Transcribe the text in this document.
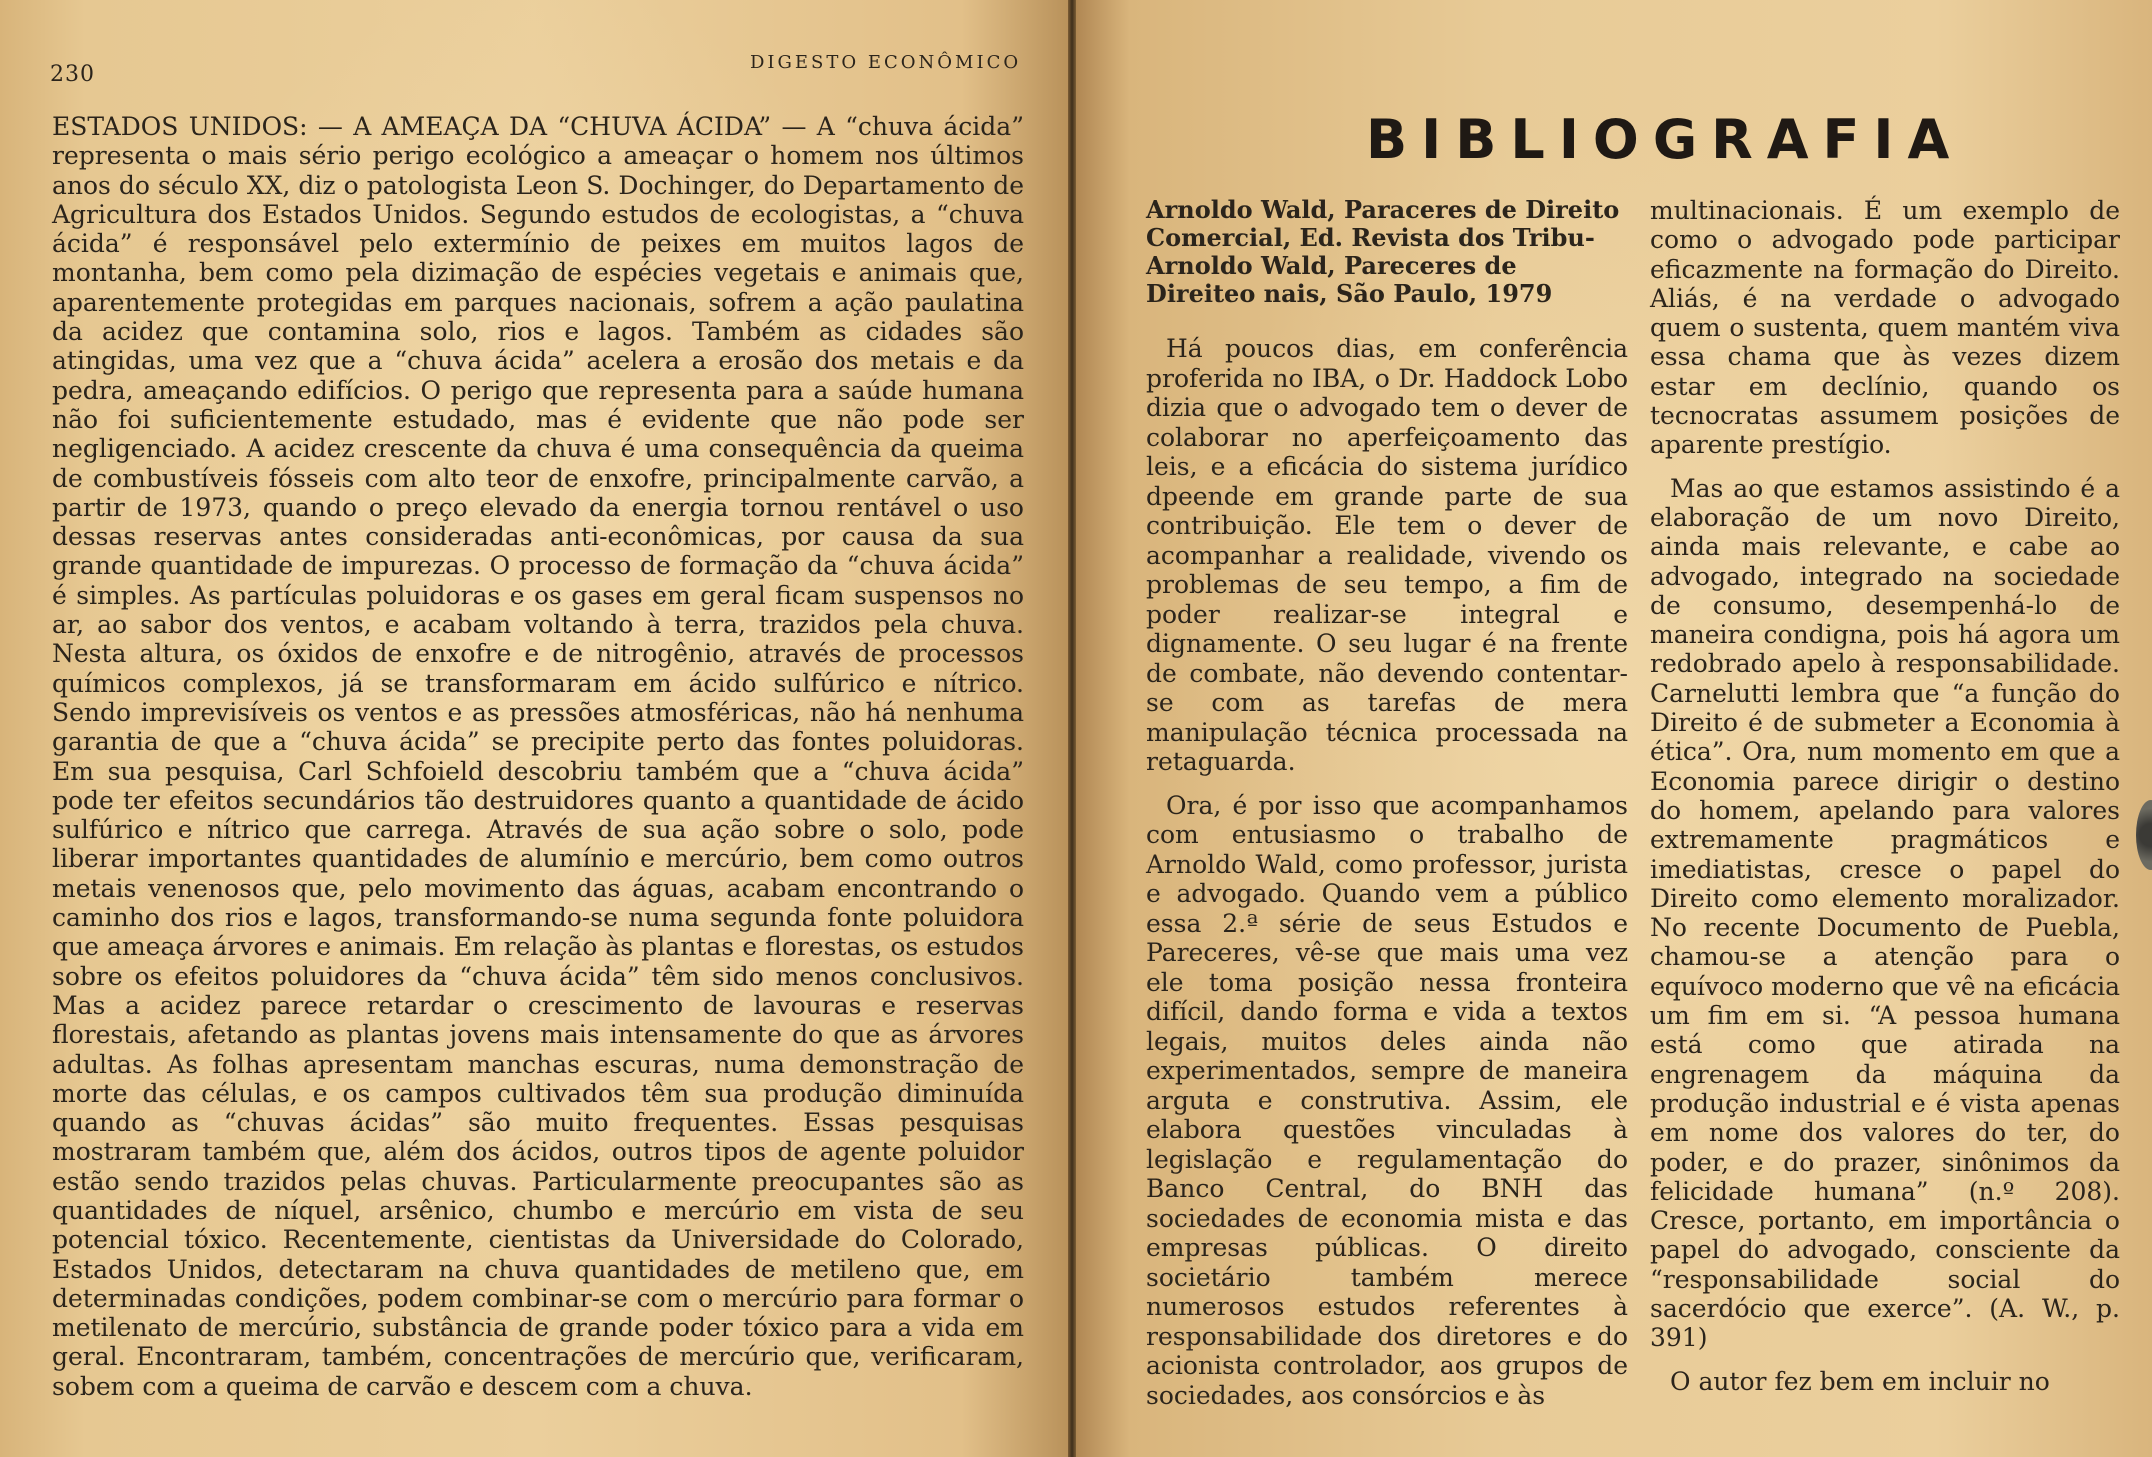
230	DIGESTO ECONÔMICO

ESTADOS UNIDOS: — A AMEAÇA DA “CHUVA ÁCIDA” — A “chuva ácida” representa o mais sério perigo ecológico a ameaçar o homem nos últimos anos do século XX, diz o patologista Leon S. Dochinger, do Departamento de Agricultura dos Estados Unidos. Segundo estudos de ecologistas, a “chuva ácida” é responsável pelo extermínio de peixes em muitos lagos de montanha, bem como pela dizimação de espécies vegetais e animais que, aparentemente protegidas em parques nacionais, sofrem a ação paulatina da acidez que contamina solo, rios e lagos. Também as cidades são atingidas, uma vez que a “chuva ácida” acelera a erosão dos metais e da pedra, ameaçando edifícios. O perigo que representa para a saúde humana não foi suficientemente estudado, mas é evidente que não pode ser negligenciado. A acidez crescente da chuva é uma consequência da queima de combustíveis fósseis com alto teor de enxofre, principalmente carvão, a partir de 1973, quando o preço elevado da energia tornou rentável o uso dessas reservas antes consideradas anti-econômicas, por causa da sua grande quantidade de impurezas. O processo de formação da “chuva ácida” é simples. As partículas poluidoras e os gases em geral ficam suspensos no ar, ao sabor dos ventos, e acabam voltando à terra, trazidos pela chuva. Nesta altura, os óxidos de enxofre e de nitrogênio, através de processos químicos complexos, já se transformaram em ácido sulfúrico e nítrico. Sendo imprevisíveis os ventos e as pressões atmosféricas, não há nenhuma garantia de que a “chuva ácida” se precipite perto das fontes poluidoras. Em sua pesquisa, Carl Schfoield descobriu também que a “chuva ácida” pode ter efeitos secundários tão destruidores quanto a quantidade de ácido sulfúrico e nítrico que carrega. Através de sua ação sobre o solo, pode liberar importantes quantidades de alumínio e mercúrio, bem como outros metais venenosos que, pelo movimento das águas, acabam encontrando o caminho dos rios e lagos, transformando-se numa segunda fonte poluidora que ameaça árvores e animais. Em relação às plantas e florestas, os estudos sobre os efeitos poluidores da “chuva ácida” têm sido menos conclusivos. Mas a acidez parece retardar o crescimento de lavouras e reservas florestais, afetando as plantas jovens mais intensamente do que as árvores adultas. As folhas apresentam manchas escuras, numa demonstração de morte das células, e os campos cultivados têm sua produção diminuída quando as “chuvas ácidas” são muito frequentes. Essas pesquisas mostraram também que, além dos ácidos, outros tipos de agente poluidor estão sendo trazidos pelas chuvas. Particularmente preocupantes são as quantidades de níquel, arsênico, chumbo e mercúrio em vista de seu potencial tóxico. Recentemente, cientistas da Universidade do Colorado, Estados Unidos, detectaram na chuva quantidades de metileno que, em determinadas condições, podem combinar-se com o mercúrio para formar o metilenato de mercúrio, substância de grande poder tóxico para a vida em geral. Encontraram, também, concentrações de mercúrio que, verificaram, sobem com a queima de carvão e descem com a chuva.

BIBLIOGRAFIA

Arnoldo Wald, Paraceres de Direito Comercial, Ed. Revista dos Tribu- Arnoldo Wald, Pareceres de Direiteo nais, São Paulo, 1979

Há poucos dias, em conferência proferida no IBA, o Dr. Haddock Lobo dizia que o advogado tem o dever de colaborar no aperfeiçoamento das leis, e a eficácia do sistema jurídico dpeende em grande parte de sua contribuição. Ele tem o dever de acompanhar a realidade, vivendo os problemas de seu tempo, a fim de poder realizar-se integral e dignamente. O seu lugar é na frente de combate, não devendo contentar-se com as tarefas de mera manipulação técnica processada na retaguarda.

Ora, é por isso que acompanhamos com entusiasmo o trabalho de Arnoldo Wald, como professor, jurista e advogado. Quando vem a público essa 2.ª série de seus Estudos e Pareceres, vê-se que mais uma vez ele toma posição nessa fronteira difícil, dando forma e vida a textos legais, muitos deles ainda não experimentados, sempre de maneira arguta e construtiva. Assim, ele elabora questões vinculadas à legislação e regulamentação do Banco Central, do BNH das sociedades de economia mista e das empresas públicas. O direito societário também merece numerosos estudos referentes à responsabilidade dos diretores e do acionista controlador, aos grupos de sociedades, aos consórcios e às

multinacionais. É um exemplo de como o advogado pode participar eficazmente na formação do Direito. Aliás, é na verdade o advogado quem o sustenta, quem mantém viva essa chama que às vezes dizem estar em declínio, quando os tecnocratas assumem posições de aparente prestígio.

Mas ao que estamos assistindo é a elaboração de um novo Direito, ainda mais relevante, e cabe ao advogado, integrado na sociedade de consumo, desempenhá-lo de maneira condigna, pois há agora um redobrado apelo à responsabilidade. Carnelutti lembra que “a função do Direito é de submeter a Economia à ética”. Ora, num momento em que a Economia parece dirigir o destino do homem, apelando para valores extremamente pragmáticos e imediatistas, cresce o papel do Direito como elemento moralizador. No recente Documento de Puebla, chamou-se a atenção para o equívoco moderno que vê na eficácia um fim em si. “A pessoa humana está como que atirada na engrenagem da máquina da produção industrial e é vista apenas em nome dos valores do ter, do poder, e do prazer, sinônimos da felicidade humana” (n.º 208). Cresce, portanto, em importância o papel do advogado, consciente da “responsabilidade social do sacerdócio que exerce”. (A. W., p. 391)

O autor fez bem em incluir no
